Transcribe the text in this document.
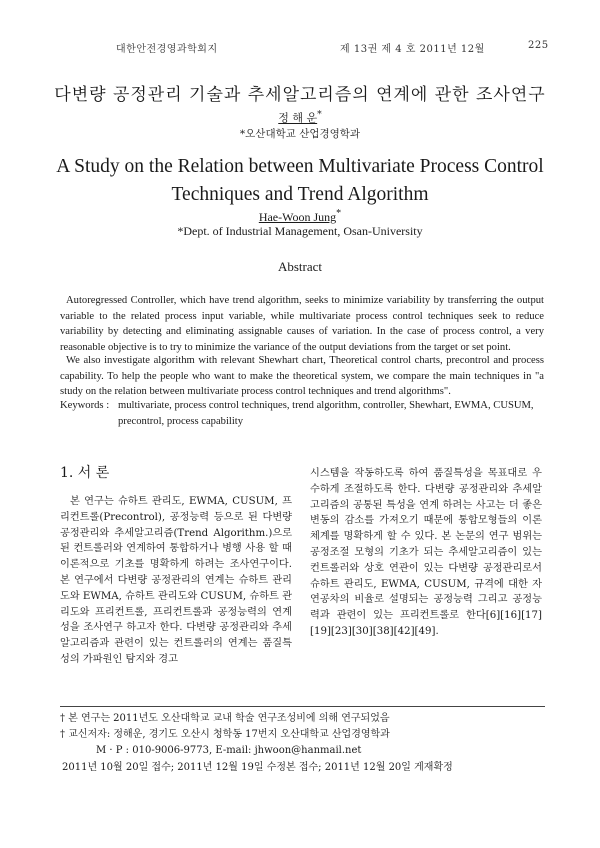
대한안전경영과학회지	제 13권 제 4 호 2011년 12월	225
다변량 공정관리 기술과 추세알고리즘의 연계에 관한 조사연구
정 해 운*
*오산대학교 산업경영학과
A Study on the Relation between Multivariate Process Control Techniques and Trend Algorithm
Hae-Woon Jung*
*Dept. of Industrial Management, Osan-University
Abstract

Autoregressed Controller, which have trend algorithm, seeks to minimize variability by transferring the output variable to the related process input variable, while multivariate process control techniques seek to reduce variability by detecting and eliminating assignable causes of variation. In the case of process control, a very reasonable objective is to try to minimize the variance of the output deviations from the target or set point.

We also investigate algorithm with relevant Shewhart chart, Theoretical control charts, precontrol and process capability. To help the people who want to make the theoretical system, we compare the main techniques in "a study on the relation between multivariate process control techniques and trend algorithms".

Keywords : multivariate, process control techniques, trend algorithm, controller, Shewhart, EWMA, CUSUM, precontrol, process capability
1. 서 론

본 연구는 슈하트 관리도, EWMA, CUSUM, 프리컨트롤(Precontrol), 공정능력 등으로 된 다변량 공정관리와 추세알고리즘(Trend Algorithm.)으로 된 컨트롤러와 연계하여 통합하거나 병행 사용 할 때 이론적으로 기초를 명확하게 하려는 조사연구이다. 본 연구에서 다변량 공정관리의 연계는 슈하트 관리도와 EWMA, 슈하트 관리도와 CUSUM, 슈하트 관리도와 프리컨트롤, 프리컨트롤과 공정능력의 연계성을 조사연구 하고자 한다. 다변량 공정관리와 추세알고리즘과 관련이 있는 컨트롤러의 연계는 품질특성의 가파원인 탐지와 경고

시스템을 작동하도록 하여 품질특성을 목표대로 우수하게 조절하도록 한다. 다변량 공정관리와 추세알고리즘의 공통된 특성을 연계 하려는 사고는 더 좋은 변동의 감소를 가져오기 때문에 통합모형들의 이론체계를 명확하게 할 수 있다. 본 논문의 연구 범위는 공정조절 모형의 기초가 되는 추세알고리즘이 있는 컨트롤러와 상호 연관이 있는 다변량 공정관리로서 슈하트 관리도, EWMA, CUSUM, 규격에 대한 자연공차의 비율로 설명되는 공정능력 그리고 공정능력과 관련이 있는 프리컨트롤로 한다[6][16][17][19][23][30][38][42][49].

† 본 연구는 2011년도 오산대학교 교내 학술 연구조성비에 의해 연구되었음
† 교신저자: 정해운, 경기도 오산시 청학동 17번지 오산대학교 산업경영학과
M · P : 010-9006-9773, E-mail: jhwoon@hanmail.net
2011년 10월 20일 접수; 2011년 12월 19일 수정본 접수; 2011년 12월 20일 게재확정
